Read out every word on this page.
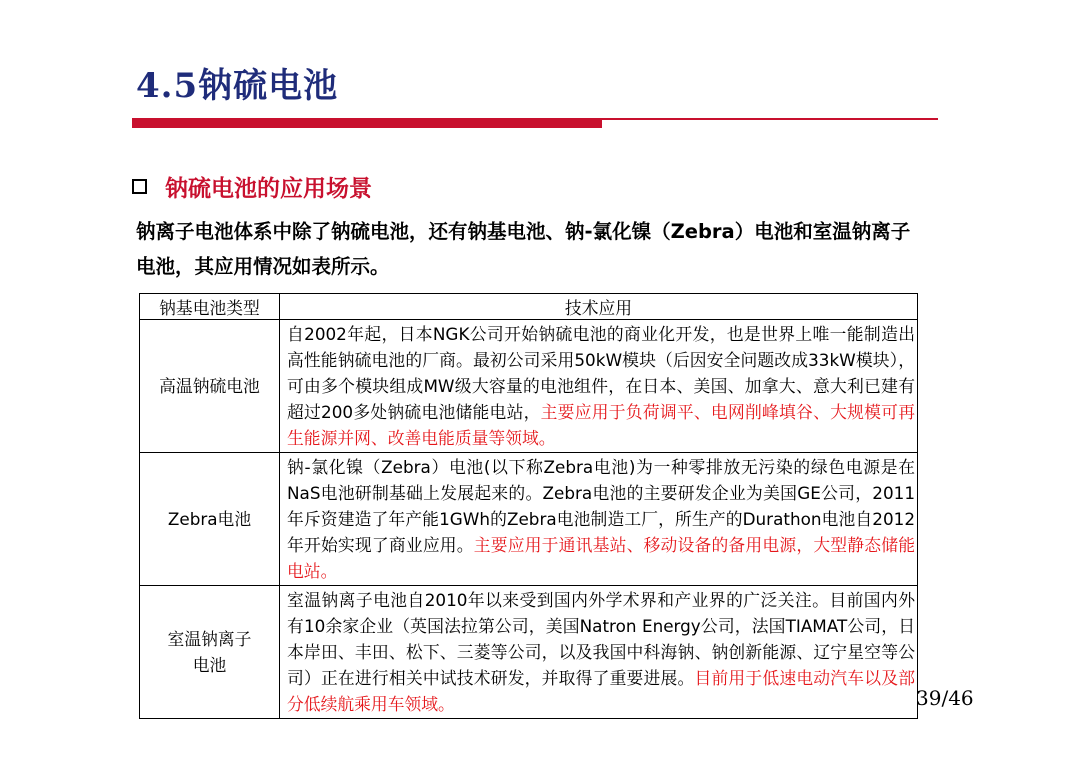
4.5钠硫电池
钠硫电池的应用场景
钠离子电池体系中除了钠硫电池，还有钠基电池、钠-氯化镍（Zebra）电池和室温钠离子电池，其应用情况如表所示。
钠基电池类型	技术应用
高温钠硫电池	自2002年起，日本NGK公司开始钠硫电池的商业化开发，也是世界上唯一能制造出高性能钠硫电池的厂商。最初公司采用50kW模块（后因安全问题改成33kW模块），可由多个模块组成MW级大容量的电池组件，在日本、美国、加拿大、意大利已建有超过200多处钠硫电池储能电站，主要应用于负荷调平、电网削峰填谷、大规模可再生能源并网、改善电能质量等领域。
Zebra电池	钠-氯化镍（Zebra）电池(以下称Zebra电池)为一种零排放无污染的绿色电源是在NaS电池研制基础上发展起来的。Zebra电池的主要研发企业为美国GE公司，2011年斥资建造了年产能1GWh的Zebra电池制造工厂，所生产的Durathon电池自2012年开始实现了商业应用。主要应用于通讯基站、移动设备的备用电源，大型静态储能电站。
室温钠离子电池	室温钠离子电池自2010年以来受到国内外学术界和产业界的广泛关注。目前国内外有10余家企业（英国法拉第公司，美国Natron Energy公司，法国TIAMAT公司，日本岸田、丰田、松下、三菱等公司，以及我国中科海钠、钠创新能源、辽宁星空等公司）正在进行相关中试技术研发，并取得了重要进展。目前用于低速电动汽车以及部分低续航乘用车领域。	39/46
